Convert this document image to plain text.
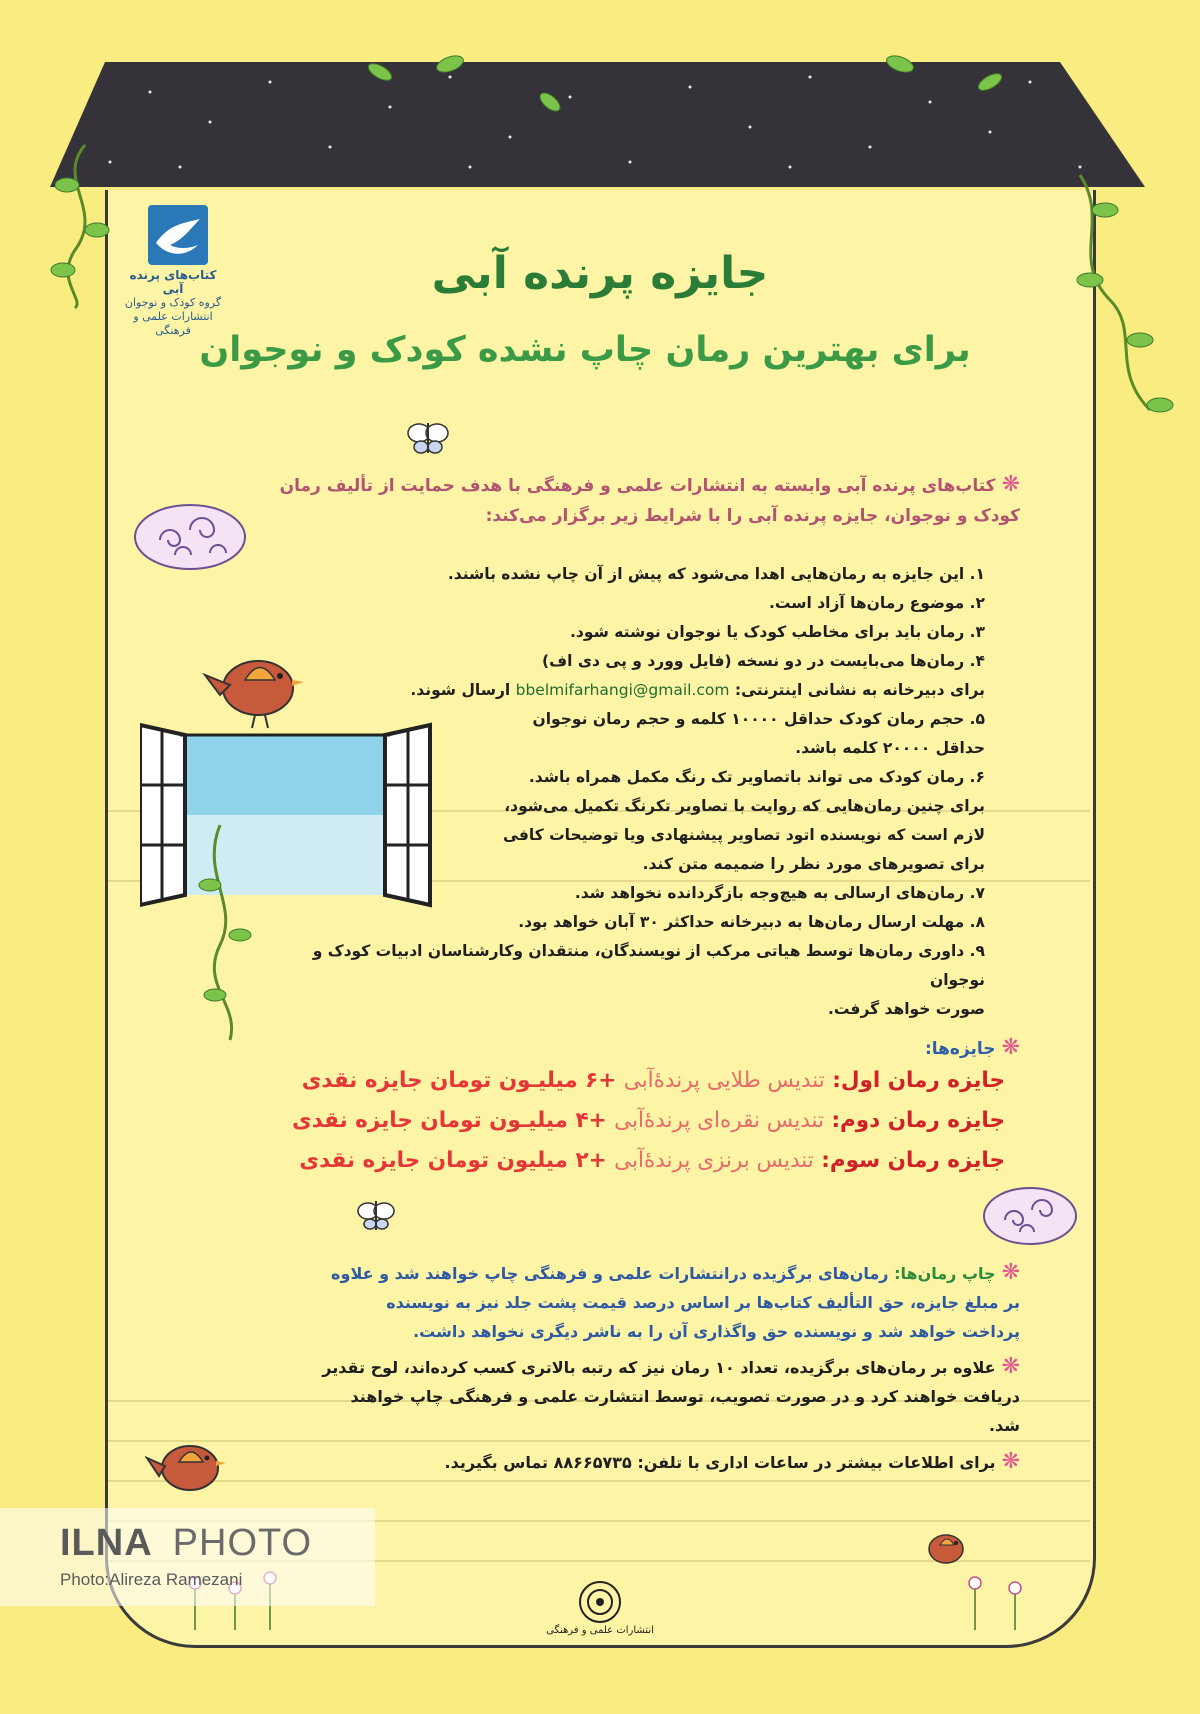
کتاب‌های پرنده آبی
گروه کودک و نوجوان
انتشارات علمی و فرهنگی
جایزه پرنده آبی
برای بهترین رمان چاپ نشده کودک و نوجوان
❋کتاب‌های پرنده آبی وابسته به انتشارات علمی و فرهنگی با هدف حمایت از تألیف رمان
کودک و نوجوان، جایزه پرنده آبی را با شرایط زیر برگزار می‌کند:
۱. این جایزه به رمان‌هایی اهدا می‌شود که پیش از آن چاپ نشده باشند.
۲. موضوع رمان‌ها آزاد است.
۳. رمان باید برای مخاطب کودک یا نوجوان نوشته شود.
۴. رمان‌ها می‌بایست در دو نسخه (فایل وورد و پی دی اف)
برای دبیرخانه به نشانی اینترنتی: bbelmifarhangi@gmail.com ارسال شوند.
۵. حجم رمان کودک حداقل ۱۰۰۰۰ کلمه و حجم رمان نوجوان
حداقل ۲۰۰۰۰ کلمه باشد.
۶. رمان کودک می تواند باتصاویر تک رنگ مکمل همراه باشد.
برای چنین رمان‌هایی که روایت با تصاویر تکرنگ تکمیل می‌شود،
لازم است که نویسنده اتود تصاویر پیشنهادی ویا توضیحات کافی
برای تصویرهای مورد نظر را ضمیمه متن کند.
۷. رمان‌های ارسالی به هیچ‌وجه بازگردانده نخواهد شد.
۸. مهلت ارسال رمان‌ها به دبیرخانه حداکثر ۳۰ آبان خواهد بود.
۹. داوری رمان‌ها توسط هیاتی مرکب از نویسندگان، منتقدان وکارشناسان ادبیات کودک و نوجوان
صورت خواهد گرفت.
❋جایزه‌ها:
جایزه رمان اول: تندیس طلایی پرندهٔ‌آبی +۶ میلیـون تومان جایزه نقدی
جایزه رمان دوم: تندیس نقره‌ای پرندهٔ‌آبی +۴ میلیـون تومان جایزه نقدی
جایزه رمان سوم: تندیس برنزی پرندهٔ‌آبی +۲ میلیون تومان جایزه نقدی
❋چاپ رمان‌ها: رمان‌های برگزیده درانتشارات علمی و فرهنگی چاپ خواهند شد و علاوه
بر مبلغ جایزه، حق التألیف کتاب‌ها بر اساس درصد قیمت پشت جلد نیز به نویسنده
پرداخت خواهد شد و نویسنده حق واگذاری آن را به ناشر دیگری نخواهد داشت.
❋علاوه بر رمان‌های برگزیده، تعداد ۱۰ رمان نیز که رتبه بالاتری کسب کرده‌اند، لوح تقدیر
دریافت خواهند کرد و در صورت تصویب، توسط انتشارت علمی و فرهنگی چاپ خواهند
شد.
❋برای اطلاعات بیشتر در ساعات اداری با تلفن: ۸۸۶۶۵۷۳۵ تماس بگیرید.
انتشارات علمی و فرهنگی
ILNA PHOTO
Photo:Alireza Ramezani
